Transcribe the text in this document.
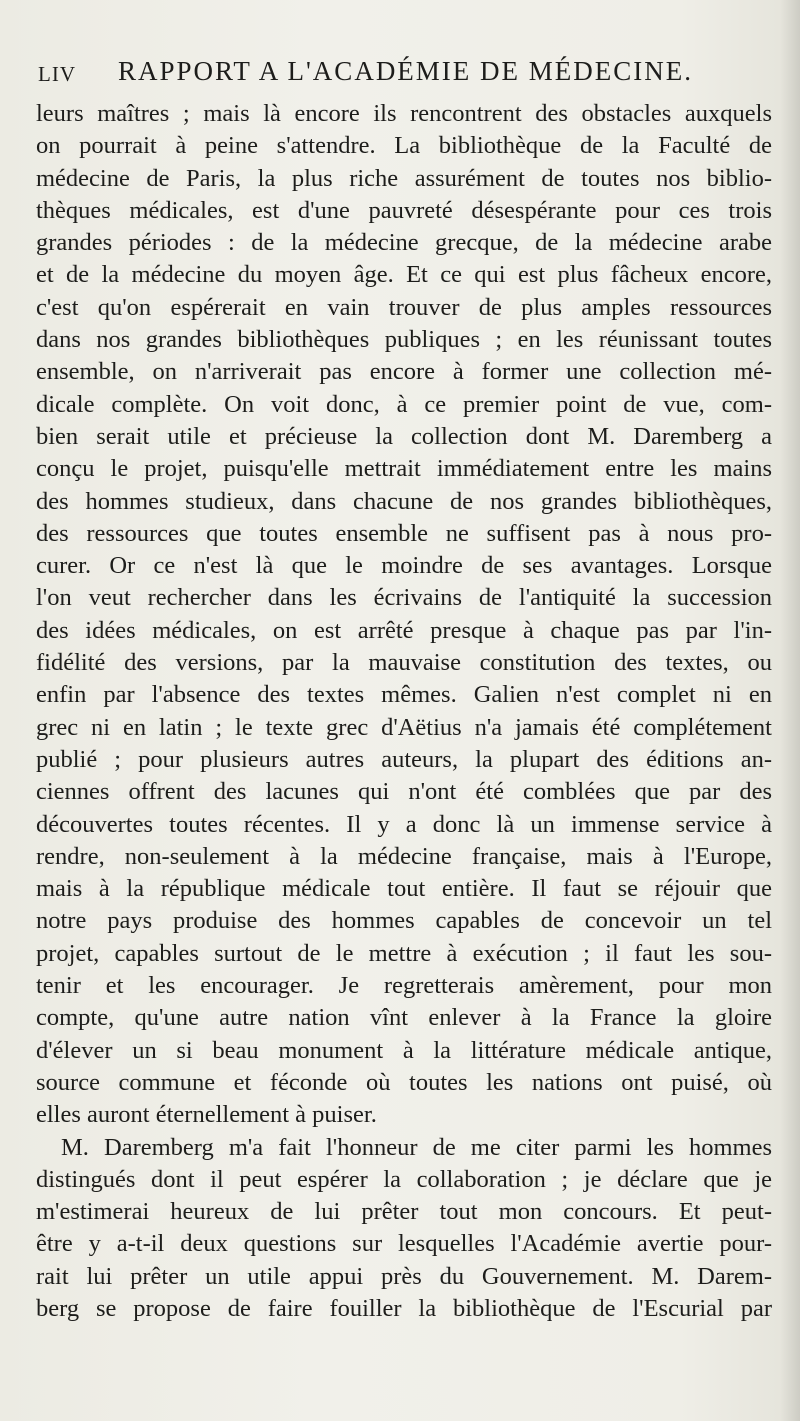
LIV RAPPORT A L'ACADÉMIE DE MÉDECINE.
leurs maîtres ; mais là encore ils rencontrent des obstacles auxquels
on pourrait à peine s'attendre. La bibliothèque de la Faculté de
médecine de Paris, la plus riche assurément de toutes nos biblio-
thèques médicales, est d'une pauvreté désespérante pour ces trois
grandes périodes : de la médecine grecque, de la médecine arabe
et de la médecine du moyen âge. Et ce qui est plus fâcheux encore,
c'est qu'on espérerait en vain trouver de plus amples ressources
dans nos grandes bibliothèques publiques ; en les réunissant toutes
ensemble, on n'arriverait pas encore à former une collection mé-
dicale complète. On voit donc, à ce premier point de vue, com-
bien serait utile et précieuse la collection dont M. Daremberg a
conçu le projet, puisqu'elle mettrait immédiatement entre les mains
des hommes studieux, dans chacune de nos grandes bibliothèques,
des ressources que toutes ensemble ne suffisent pas à nous pro-
curer. Or ce n'est là que le moindre de ses avantages. Lorsque
l'on veut rechercher dans les écrivains de l'antiquité la succession
des idées médicales, on est arrêté presque à chaque pas par l'in-
fidélité des versions, par la mauvaise constitution des textes, ou
enfin par l'absence des textes mêmes. Galien n'est complet ni en
grec ni en latin ; le texte grec d'Aëtius n'a jamais été complétement
publié ; pour plusieurs autres auteurs, la plupart des éditions an-
ciennes offrent des lacunes qui n'ont été comblées que par des
découvertes toutes récentes. Il y a donc là un immense service à
rendre, non-seulement à la médecine française, mais à l'Europe,
mais à la république médicale tout entière. Il faut se réjouir que
notre pays produise des hommes capables de concevoir un tel
projet, capables surtout de le mettre à exécution ; il faut les sou-
tenir et les encourager. Je regretterais amèrement, pour mon
compte, qu'une autre nation vînt enlever à la France la gloire
d'élever un si beau monument à la littérature médicale antique,
source commune et féconde où toutes les nations ont puisé, où
elles auront éternellement à puiser.
M. Daremberg m'a fait l'honneur de me citer parmi les hommes
distingués dont il peut espérer la collaboration ; je déclare que je
m'estimerai heureux de lui prêter tout mon concours. Et peut-
être y a-t-il deux questions sur lesquelles l'Académie avertie pour-
rait lui prêter un utile appui près du Gouvernement. M. Darem-
berg se propose de faire fouiller la bibliothèque de l'Escurial par
